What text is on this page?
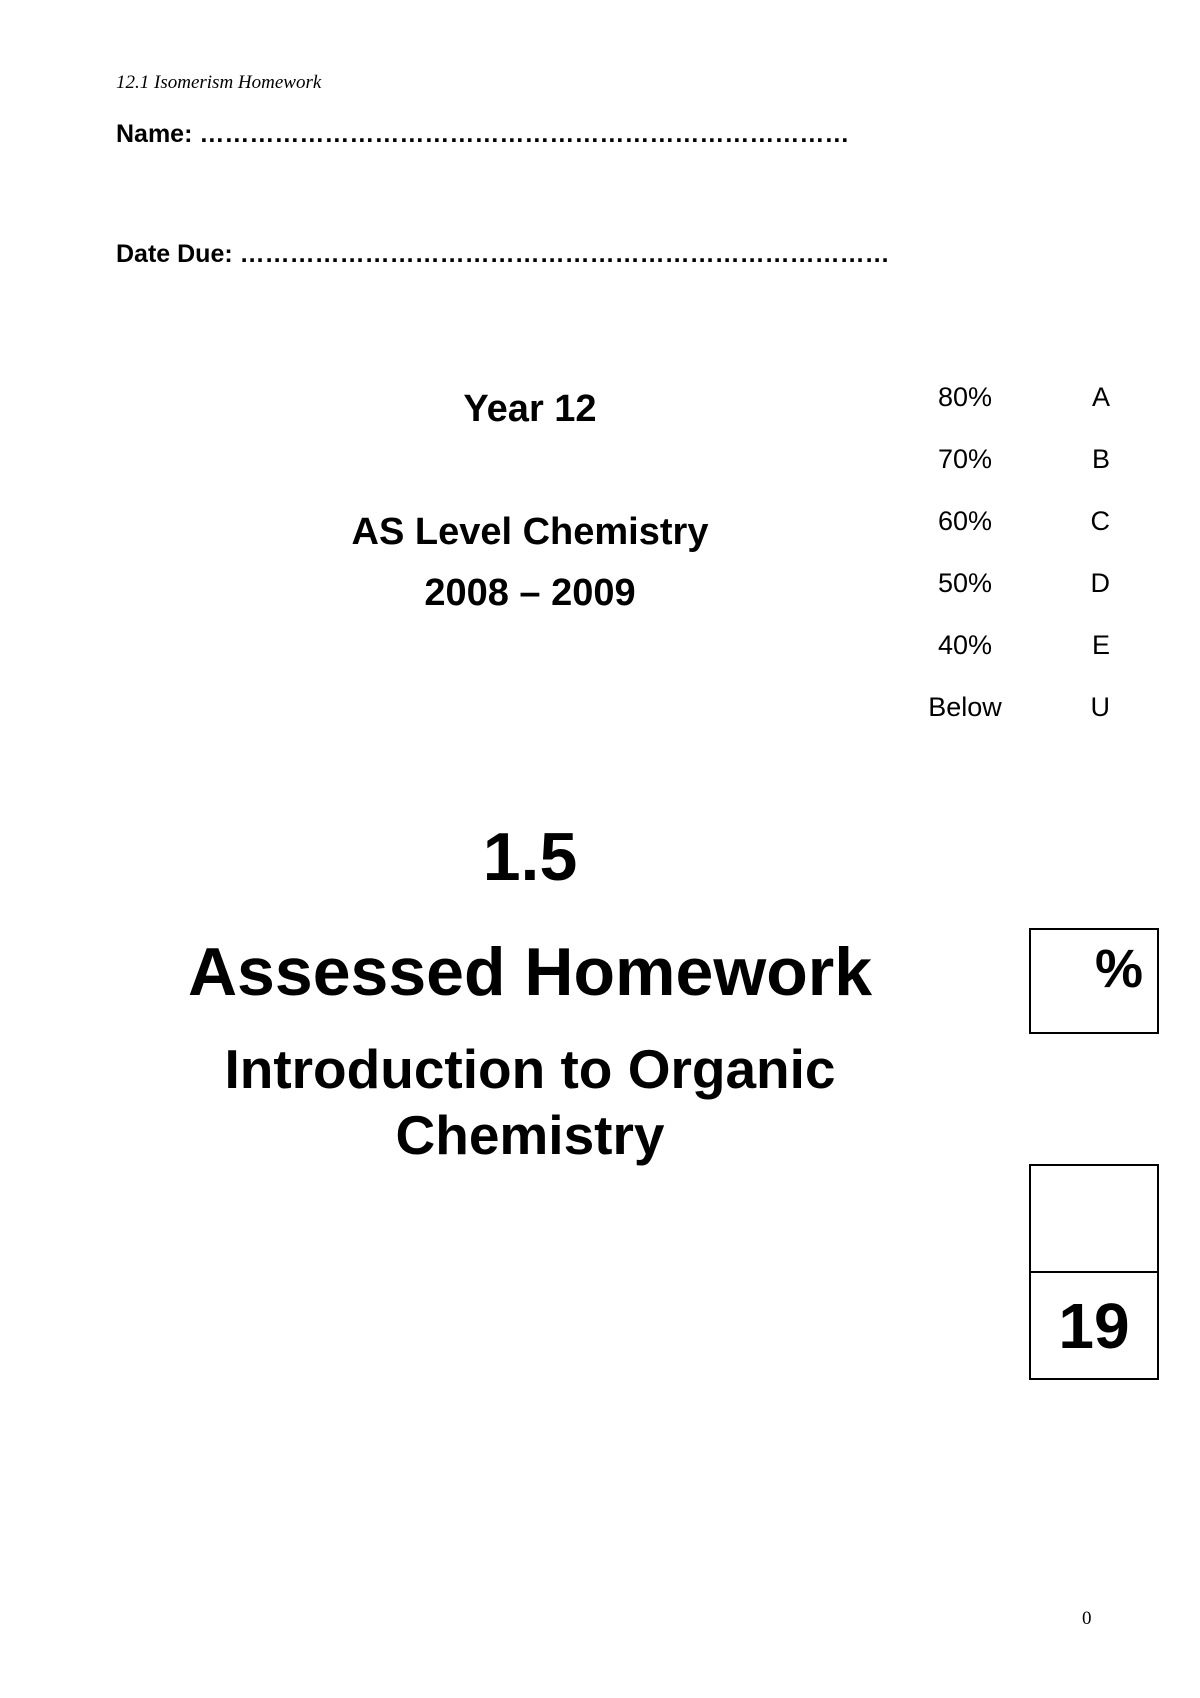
12.1 Isomerism Homework
Name: ……………………………………………………………………
Date Due: ……………………………………………………………………
Year 12
AS Level Chemistry
2008 – 2009
80%	A
70%	B
60%	C
50%	D
40%	E
Below	U
1.5
Assessed Homework
Introduction to Organic
Chemistry
%
19
0
